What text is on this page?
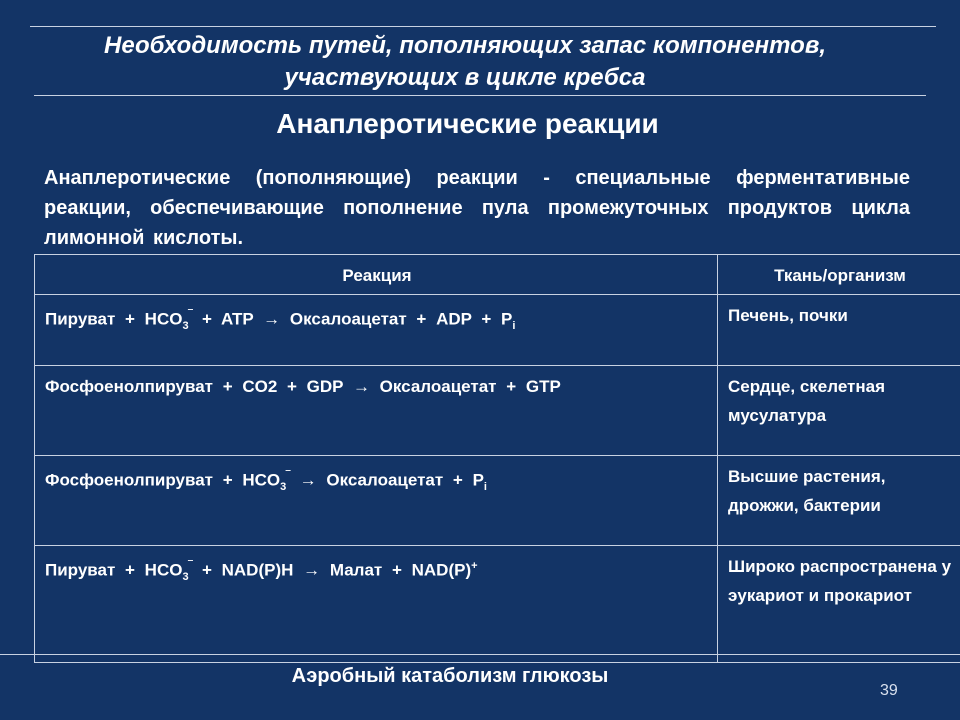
Необходимость путей, пополняющих запас компонентов,
участвующих в цикле кребса
Анаплеротические реакции
Анаплеротические (пополняющие) реакции - специальные ферментативные реакции, обеспечивающие пополнение пула промежуточных продуктов цикла лимонной кислоты.
Реакция	Ткань/организм
Пируват + $HCO_3^‾$ + ATP → Оксалоацетат + ADP + $P_i$	Печень, почки
Фосфоенолпируват + CO2 + GDP → Оксалоацетат + GTP	Сердце, скелетная мусулатура
Фосфоенолпируват + $HCO_3^‾$ → Оксалоацетат + $P_i$	Высшие растения, дрожжи, бактерии
Пируват + $HCO_3^‾ + NAD(P)H$ → Малат + NAD(P)+	Широко распространена у эукариот и прокариот
Аэробный катаболизм глюкозы
39
